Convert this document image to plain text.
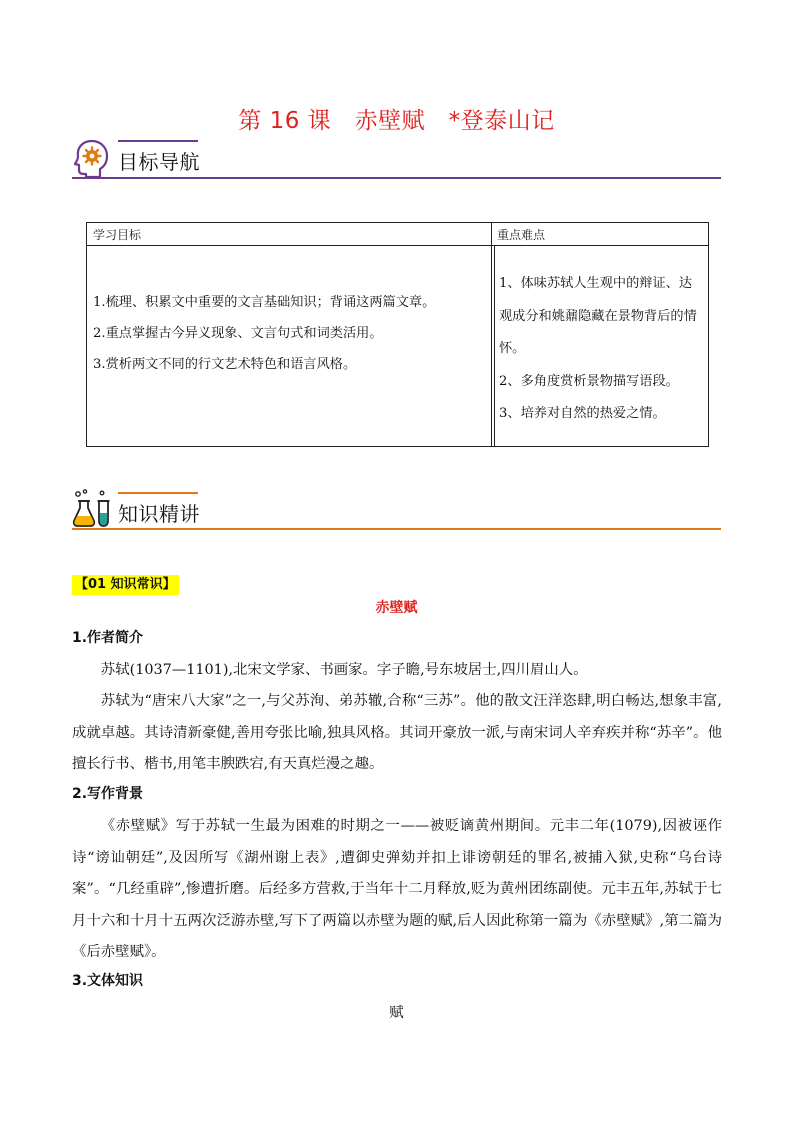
第 16 课　赤壁赋　*登泰山记
目标导航
学习目标	重点难点
1.梳理、积累文中重要的文言基础知识；背诵这两篇文章。
2.重点掌握古今异义现象、文言句式和词类活用。
3.赏析两文不同的行文艺术特色和语言风格。
1、体味苏轼人生观中的辩证、达观成分和姚鼐隐藏在景物背后的情怀。
2、多角度赏析景物描写语段。
3、培养对自然的热爱之情。
知识精讲
【01 知识常识】
赤壁赋
1.作者简介
苏轼(1037—1101),北宋文学家、书画家。字子瞻,号东坡居士,四川眉山人。
苏轼为“唐宋八大家”之一,与父苏洵、弟苏辙,合称“三苏”。他的散文汪洋恣肆,明白畅达,想象丰富,成就卓越。其诗清新豪健,善用夸张比喻,独具风格。其词开豪放一派,与南宋词人辛弃疾并称“苏辛”。他擅长行书、楷书,用笔丰腴跌宕,有天真烂漫之趣。
2.写作背景
《赤壁赋》写于苏轼一生最为困难的时期之一——被贬谪黄州期间。元丰二年(1079),因被诬作诗“谤讪朝廷”,及因所写《湖州谢上表》,遭御史弹劾并扣上诽谤朝廷的罪名,被捕入狱,史称“乌台诗案”。“几经重辟”,惨遭折磨。后经多方营救,于当年十二月释放,贬为黄州团练副使。元丰五年,苏轼于七月十六和十月十五两次泛游赤壁,写下了两篇以赤壁为题的赋,后人因此称第一篇为《赤壁赋》,第二篇为《后赤壁赋》。
3.文体知识
赋
